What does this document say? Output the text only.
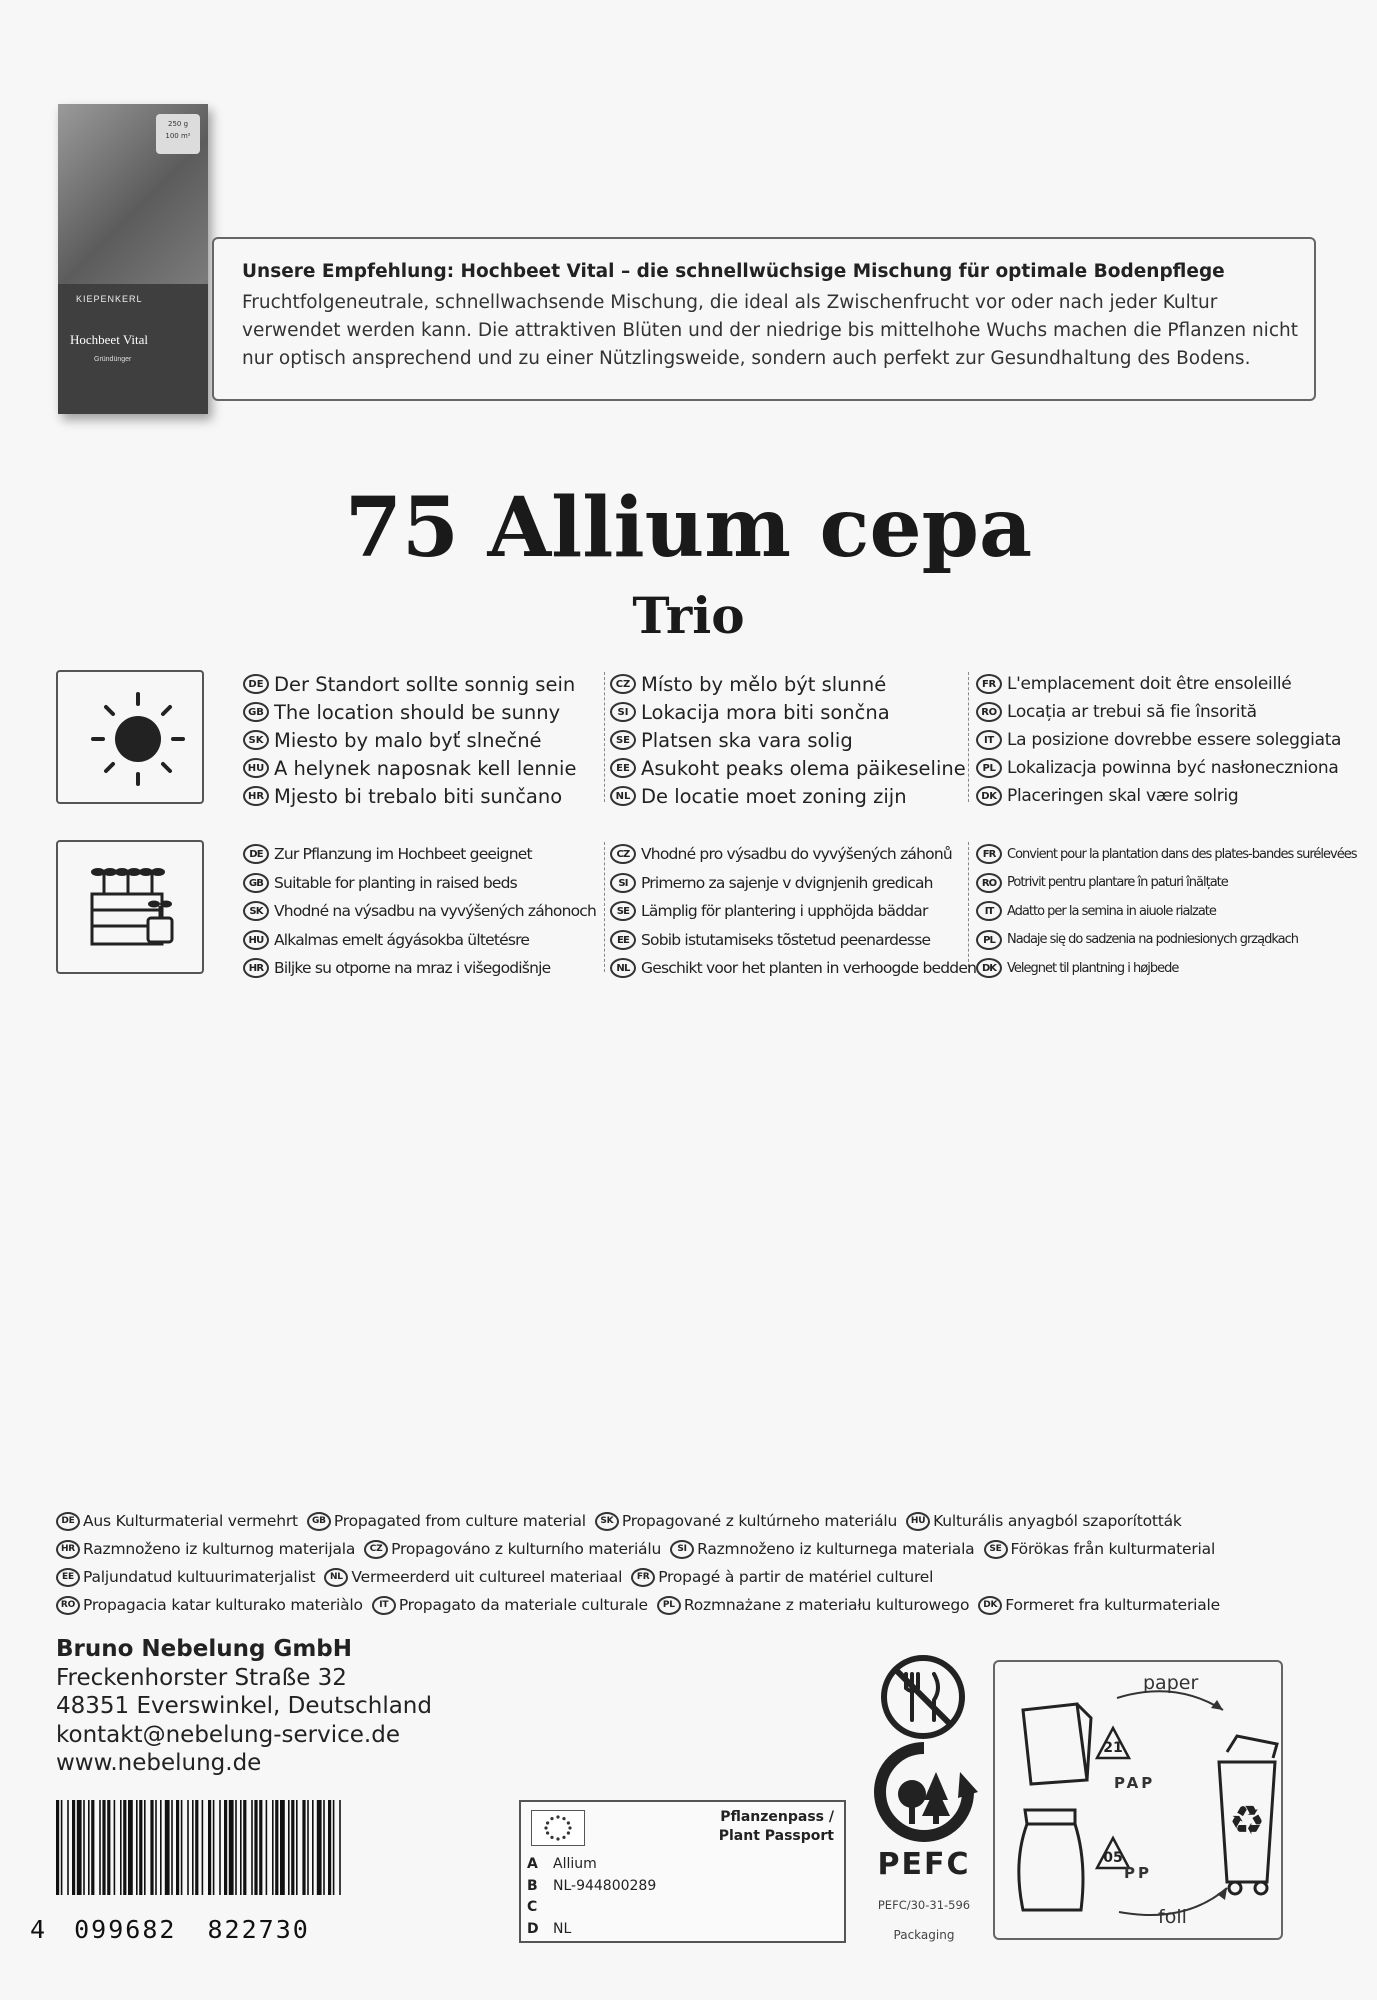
250 g
100 m²
KIEPENKERL
Hochbeet Vital
Gründünger
Unsere Empfehlung: Hochbeet Vital – die schnellwüchsige Mischung für optimale Bodenpflege
Fruchtfolgeneutrale, schnellwachsende Mischung, die ideal als Zwischenfrucht vor oder nach jeder Kultur verwendet werden kann. Die attraktiven Blüten und der niedrige bis mittelhohe Wuchs machen die Pflanzen nicht nur optisch ansprechend und zu einer Nützlingsweide, sondern auch perfekt zur Gesundhaltung des Bodens.
75 Allium cepa
Trio
DE Der Standort sollte sonnig sein
GB The location should be sunny
SK Miesto by malo byť slnečné
HU A helynek naposnak kell lennie
HR Mjesto bi trebalo biti sunčano
CZ Místo by mělo být slunné
SI Lokacija mora biti sončna
SE Platsen ska vara solig
EE Asukoht peaks olema päikeseline
NL De locatie moet zoning zijn
FR L'emplacement doit être ensoleillé
RO Locația ar trebui să fie însorită
IT La posizione dovrebbe essere soleggiata
PL Lokalizacja powinna być nasłoneczniona
DK Placeringen skal være solrig
DE Zur Pflanzung im Hochbeet geeignet
GB Suitable for planting in raised beds
SK Vhodné na výsadbu na vyvýšených záhonoch
HU Alkalmas emelt ágyásokba ültetésre
HR Biljke su otporne na mraz i višegodišnje
CZ Vhodné pro výsadbu do vyvýšených záhonů
SI Primerno za sajenje v dvignjenih gredicah
SE Lämplig för plantering i upphöjda bäddar
EE Sobib istutamiseks tõstetud peenardesse
NL Geschikt voor het planten in verhoogde bedden
FR Convient pour la plantation dans des plates-bandes surélevées
RO Potrivit pentru plantare în paturi înălțate
IT	Adatto per la semina in aiuole rialzate
PL Nadaje się do sadzenia na podniesionych grządkach
DK Velegnet til plantning i højbede
DE Aus Kulturmaterial vermehrt	GB Propagated from culture material	SK Propagované z kultúrneho materiálu	HU Kulturális anyagból szaporították
HR Razmnoženo iz kulturnog materijala	CZ Propagováno z kulturního materiálu	SI Razmnoženo iz kulturnega materiala	SE Förökas från kulturmaterial
EE Paljundatud kultuurimaterjalist	NL Vermeerderd uit cultureel materiaal	FR Propagé à partir de matériel culturel
RO Propagacia katar kulturako materiàlo	IT Propagato da materiale culturale	PL Rozmnażane z materiału kulturowego	DK Formeret fra kulturmateriale
Bruno Nebelung GmbH
Freckenhorster Straße 32
48351 Everswinkel, Deutschland
kontakt@nebelung-service.de
www.nebelung.de
4 099682 822730
Pflanzenpass /
Plant Passport
A Allium
B NL-944800289
C
D NL
PEFC
PEFC/30-31-596
Packaging
21
05
♻
paper
foil
PAP
PP
